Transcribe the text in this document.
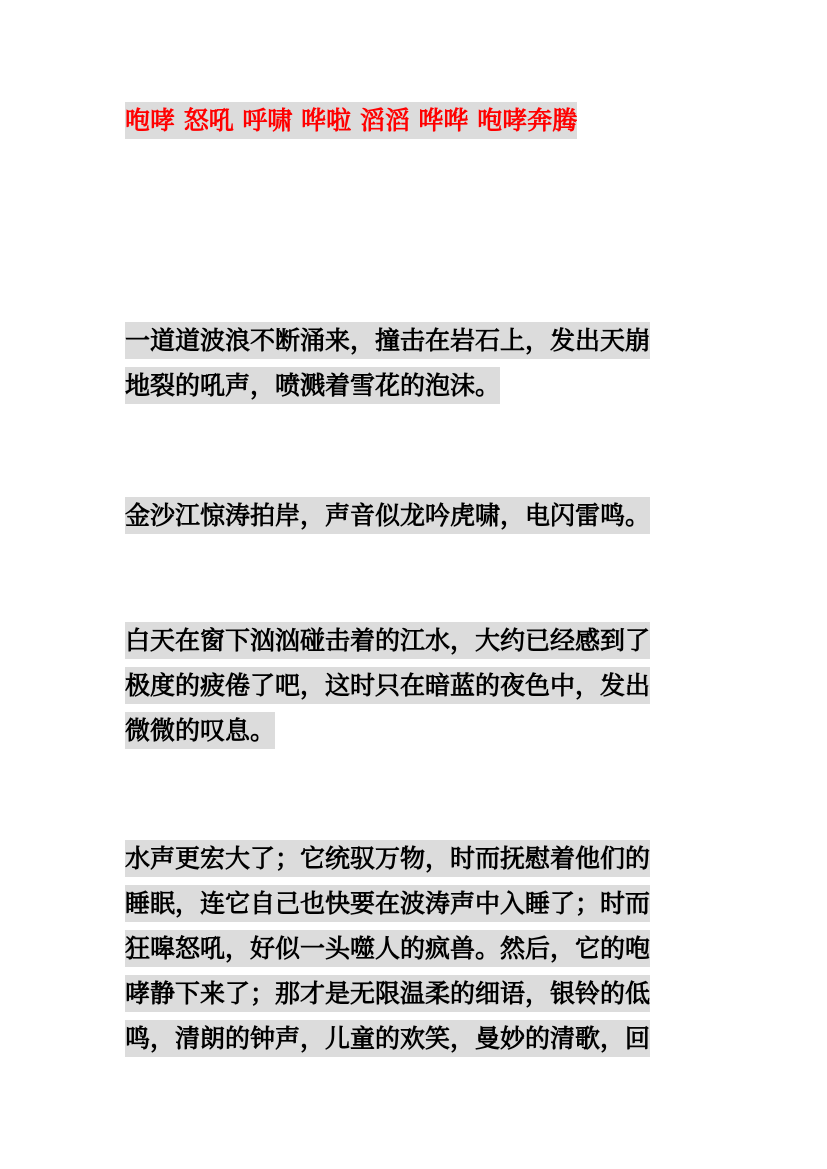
咆哮 怒吼 呼啸 哗啦 滔滔 哗哗 咆哮奔腾
一道道波浪不断涌来，撞击在岩石上，发出天崩
地裂的吼声，喷溅着雪花的泡沫。
金沙江惊涛拍岸，声音似龙吟虎啸，电闪雷鸣。
白天在窗下汹汹碰击着的江水，大约已经感到了
极度的疲倦了吧，这时只在暗蓝的夜色中，发出
微微的叹息。
水声更宏大了；它统驭万物，时而抚慰着他们的
睡眠，连它自己也快要在波涛声中入睡了；时而
狂嗥怒吼，好似一头噬人的疯兽。然后，它的咆
哮静下来了；那才是无限温柔的细语，银铃的低
鸣，清朗的钟声，儿童的欢笑，曼妙的清歌，回
